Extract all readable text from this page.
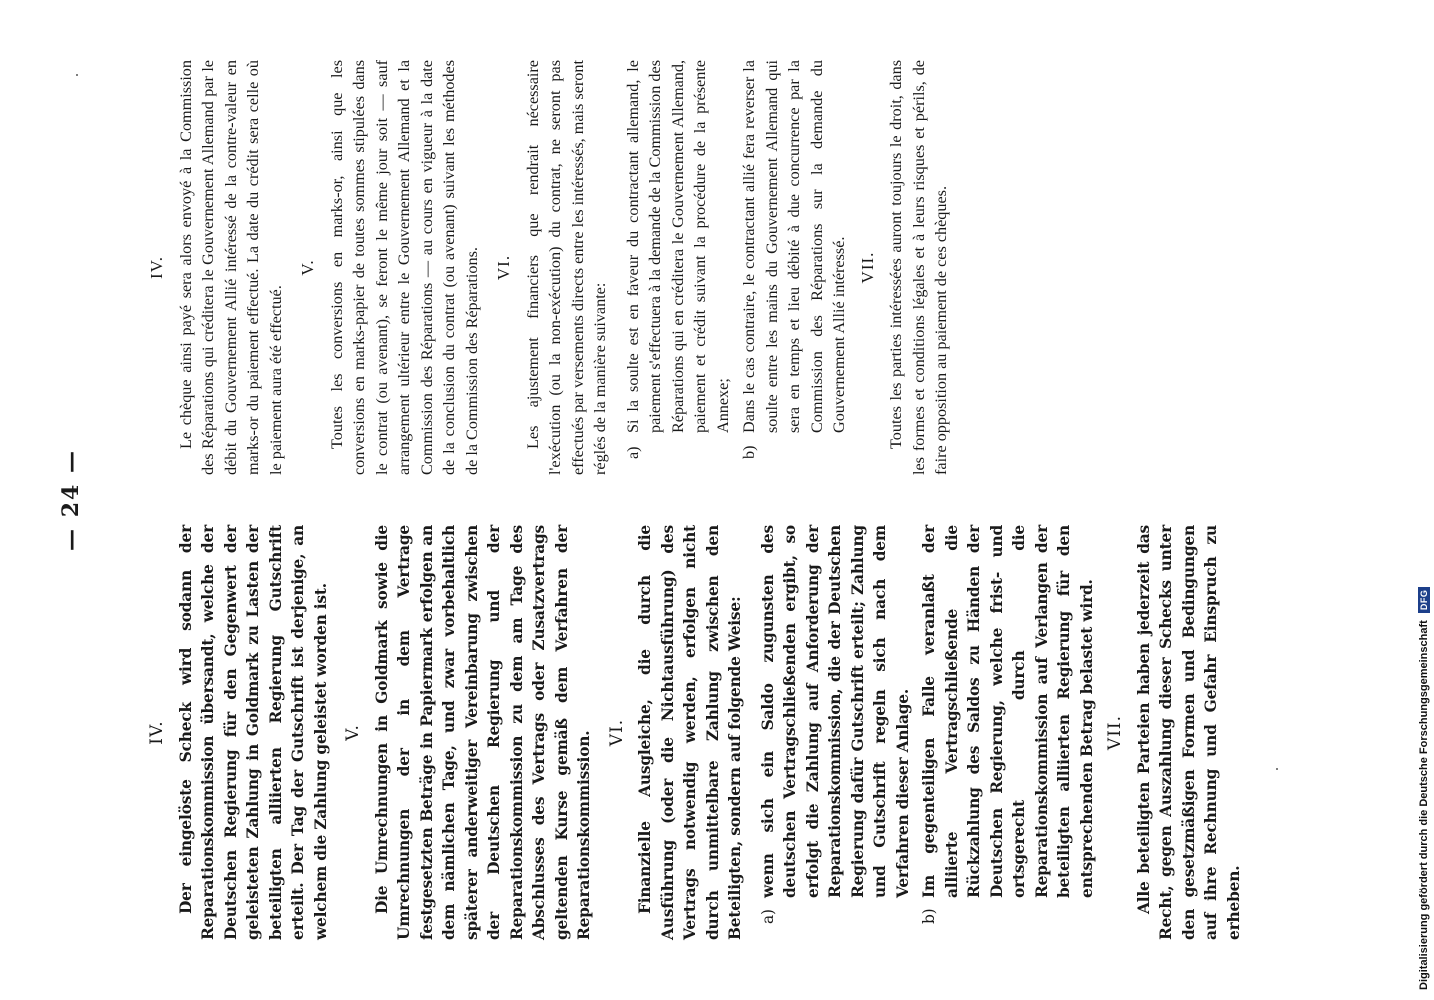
— 24 —
IV. Der eingelöste Scheck wird sodann der Reparationskommission übersandt, welche der Deutschen Regierung für den Gegenwert der geleisteten Zahlung in Goldmark zu Lasten der beteiligten alliierten Regierung Gutschrift erteilt. Der Tag der Gutschrift ist derjenige, an welchem die Zahlung geleistet worden ist. V. Die Umrechnungen in Goldmark sowie die Umrechnungen der in dem Vertrage festgesetzten Beträge in Papiermark erfolgen an dem nämlichen Tage, und zwar vorbehaltlich späterer anderweitiger Vereinbarung zwischen der Deutschen Regierung und der Reparationskommission zu dem am Tage des Abschlusses des Vertrags oder Zusatzvertrags geltenden Kurse gemäß dem Verfahren der Reparationskommission. VI. Finanzielle Ausgleiche, die durch die Ausführung (oder die Nichtausführung) des Vertrags notwendig werden, erfolgen nicht durch unmittelbare Zahlung zwischen den Beteiligten, sondern auf folgende Weise: a)wenn sich ein Saldo zugunsten des deutschen Vertragschließenden ergibt, so erfolgt die Zahlung auf Anforderung der Reparationskommission, die der Deutschen Regierung dafür Gutschrift erteilt; Zahlung und Gutschrift regeln sich nach dem Verfahren dieser Anlage.
b)Im gegenteiligen Falle veranlaßt der alliierte Vertragschließende die Rückzahlung des Saldos zu Händen der Deutschen Regierung, welche frist- und ortsgerecht durch die Reparationskommission auf Verlangen der beteiligten alliierten Regierung für den entsprechenden Betrag belastet wird. VII. Alle beteiligten Parteien haben jederzeit das Recht, gegen Auszahlung dieser Schecks unter den gesetzmäßigen Formen und Bedingungen auf ihre Rechnung und Gefahr Einspruch zu erheben.

IV. Le chèque ainsi payé sera alors envoyé à la Commission des Réparations qui créditera le Gouvernement Allemand par le débit du Gouvernement Allié intéressé de la contre-valeur en marks-or du paiement effectué. La date du crédit sera celle où le paiement aura été effectué.

V. Toutes les conversions en marks-or, ainsi que les conversions en marks-papier de toutes sommes stipulées dans le contrat (ou avenant), se feront le même jour soit — sauf arrangement ultérieur entre le Gouvernement Allemand et la Commission des Réparations — au cours en vigueur à la date de la conclusion du contrat (ou avenant) suivant les méthodes de la Commission des Réparations. VI. Les ajustement financiers que rendrait nécessaire l'exécution (ou la non-exécution) du contrat, ne seront pas effectués par versements directs entre les intéressés, mais seront réglés de la manière suivante: a)Si la soulte est en faveur du contractant allemand, le paiement s'effectuera à la demande de la Commission des Réparations qui en créditera le Gouvernement Allemand, paiement et crédit suivant la procédure de la présente Annexe;
b)Dans le cas contraire, le contractant allié fera reverser la soulte entre les mains du Gouvernement Allemand qui sera en temps et lieu débité à due concurrence par la Commission des Réparations sur la demande du Gouvernement Allié intéressé. VII. Toutes les parties intéressées auront toujours le droit, dans les formes et conditions légales et à leurs risques et périls, de faire opposition au paiement de ces chèques.

Digitalisierung gefördert durch die Deutsche Forschungsgemeinschaft DFG
